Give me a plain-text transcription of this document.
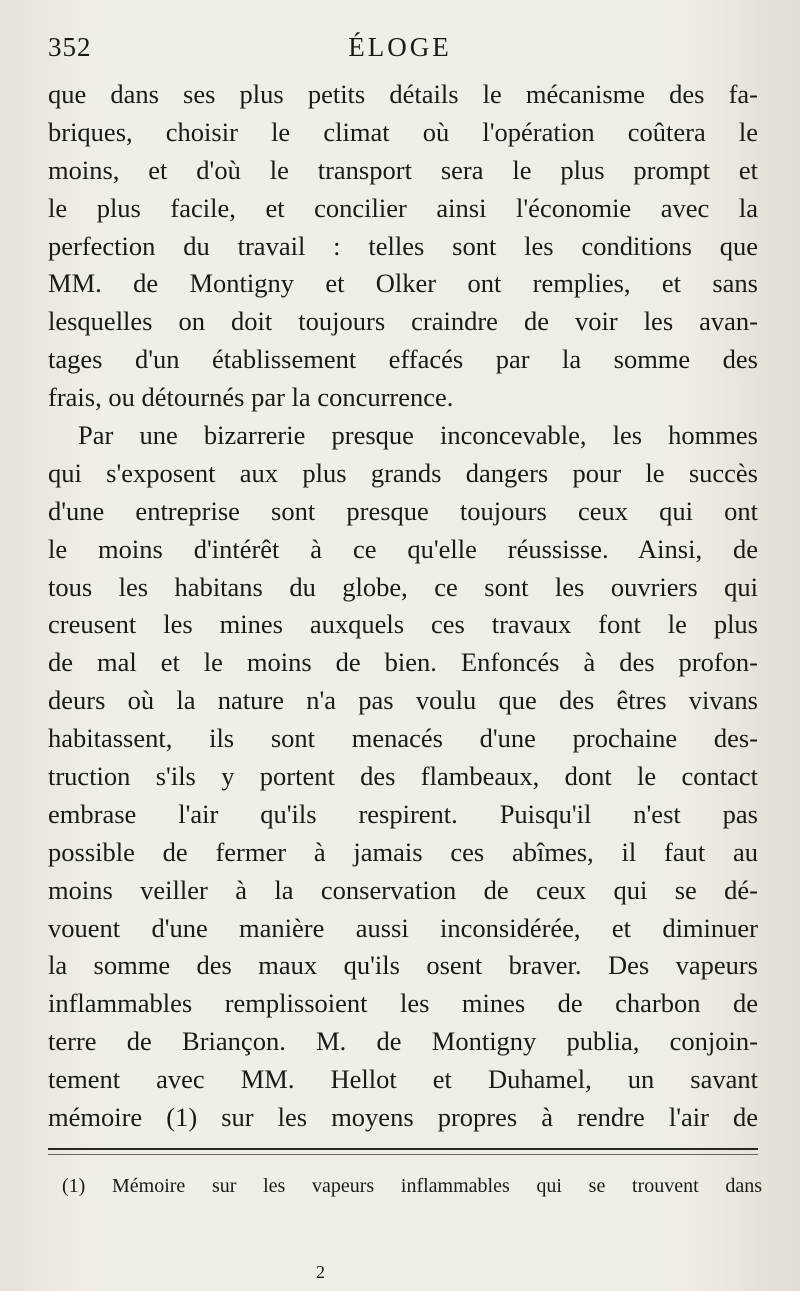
352	ÉLOGE
que dans ses plus petits détails le mécanisme des fa-
briques, choisir le climat où l'opération coûtera le
moins, et d'où le transport sera le plus prompt et
le plus facile, et concilier ainsi l'économie avec la
perfection du travail : telles sont les conditions que
MM. de Montigny et Olker ont remplies, et sans
lesquelles on doit toujours craindre de voir les avan-
tages d'un établissement effacés par la somme des
frais, ou détournés par la concurrence.
Par une bizarrerie presque inconcevable, les hommes
qui s'exposent aux plus grands dangers pour le succès
d'une entreprise sont presque toujours ceux qui ont
le moins d'intérêt à ce qu'elle réussisse. Ainsi, de
tous les habitans du globe, ce sont les ouvriers qui
creusent les mines auxquels ces travaux font le plus
de mal et le moins de bien. Enfoncés à des profon-
deurs où la nature n'a pas voulu que des êtres vivans
habitassent, ils sont menacés d'une prochaine des-
truction s'ils y portent des flambeaux, dont le contact
embrase l'air qu'ils respirent. Puisqu'il n'est pas
possible de fermer à jamais ces abîmes, il faut au
moins veiller à la conservation de ceux qui se dé-
vouent d'une manière aussi inconsidérée, et diminuer
la somme des maux qu'ils osent braver. Des vapeurs
inflammables remplissoient les mines de charbon de
terre de Briançon. M. de Montigny publia, conjoin-
tement avec MM. Hellot et Duhamel, un savant
mémoire (1) sur les moyens propres à rendre l'air de
(1) Mémoire sur les vapeurs inflammables qui se trouvent dans
2
